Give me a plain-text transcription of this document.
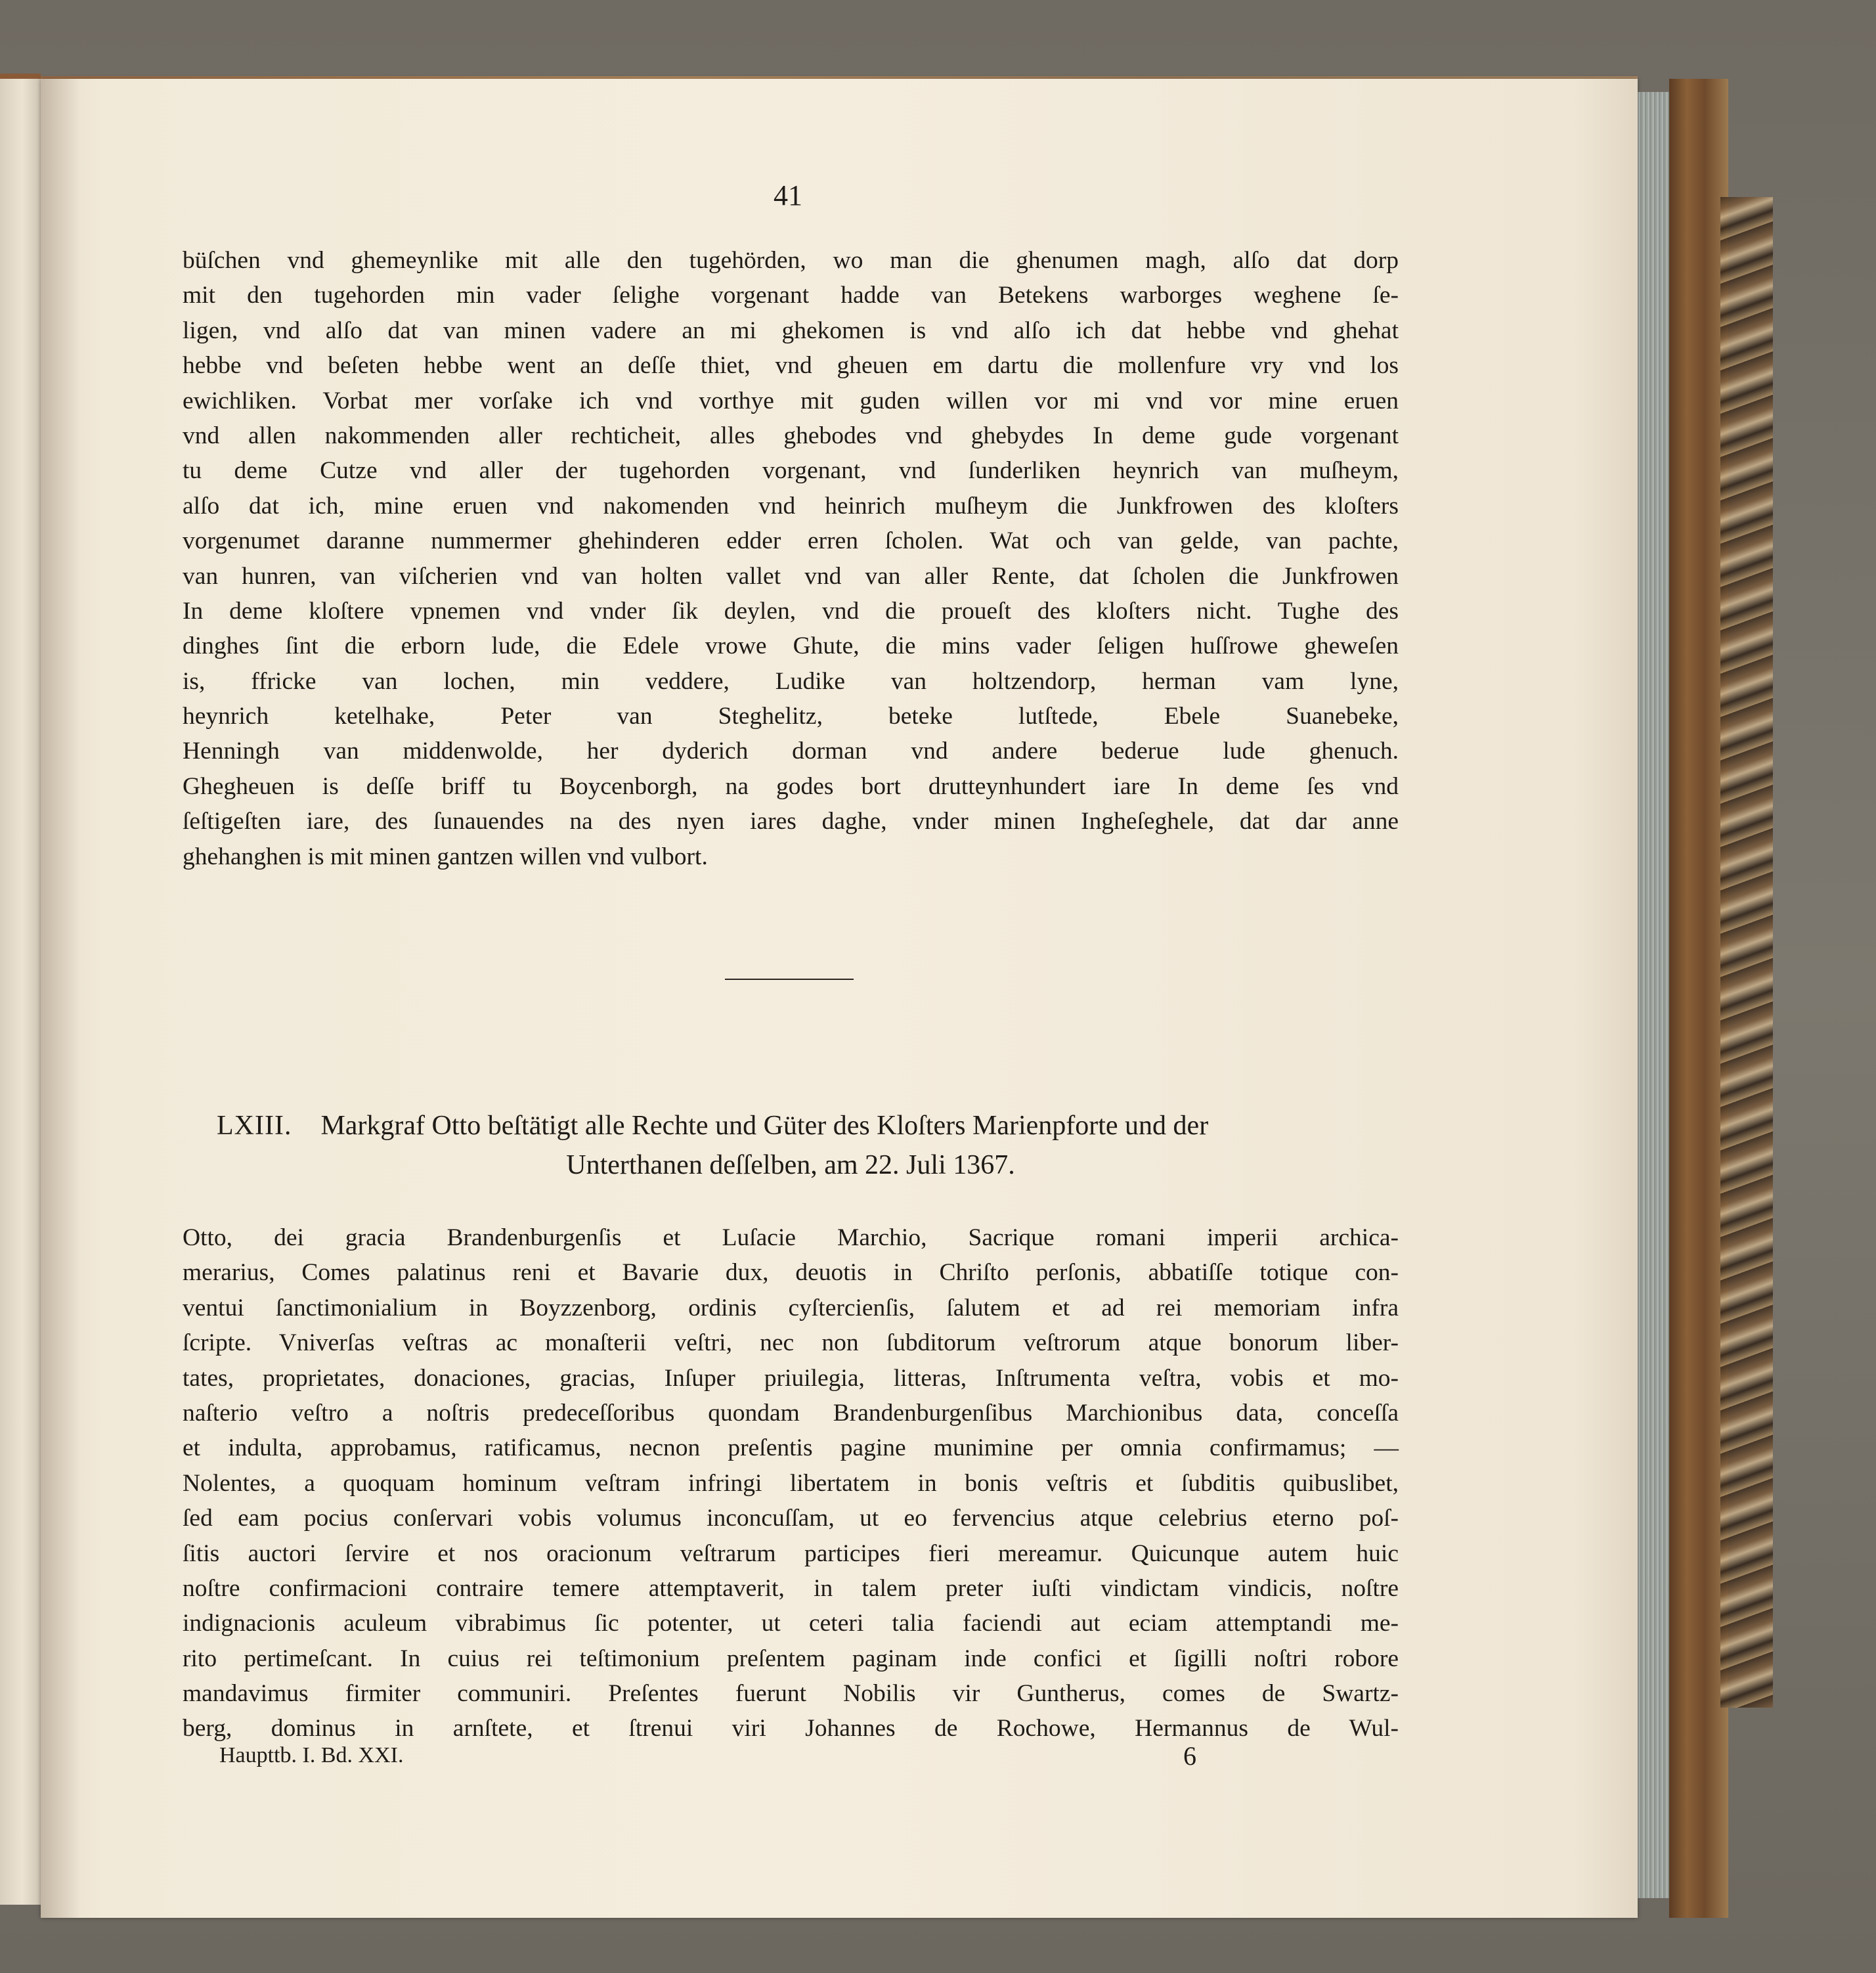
41
büſchen vnd ghemeynlike mit alle den tugehörden, wo man die ghenumen magh, alſo dat dorp
mit den tugehorden min vader ſelighe vorgenant hadde van Betekens warborges weghene ſe-
ligen, vnd alſo dat van minen vadere an mi ghekomen is vnd alſo ich dat hebbe vnd ghehat
hebbe vnd beſeten hebbe went an deſſe thiet, vnd gheuen em dartu die mollenfure vry vnd los
ewichliken. Vorbat mer vorſake ich vnd vorthye mit guden willen vor mi vnd vor mine eruen
vnd allen nakommenden aller rechticheit, alles ghebodes vnd ghebydes In deme gude vorgenant
tu deme Cutze vnd aller der tugehorden vorgenant, vnd ſunderliken heynrich van muſheym,
alſo dat ich, mine eruen vnd nakomenden vnd heinrich muſheym die Junkfrowen des kloſters
vorgenumet daranne nummermer ghehinderen edder erren ſcholen. Wat och van gelde, van pachte,
van hunren, van viſcherien vnd van holten vallet vnd van aller Rente, dat ſcholen die Junkfrowen
In deme kloſtere vpnemen vnd vnder ſik deylen, vnd die proueſt des kloſters nicht. Tughe des
dinghes ſint die erborn lude, die Edele vrowe Ghute, die mins vader ſeligen huſſrowe gheweſen
is, ffricke van lochen, min veddere, Ludike van holtzendorp, herman vam lyne,
heynrich ketelhake, Peter van Steghelitz, beteke lutſtede, Ebele Suanebeke,
Henningh van middenwolde, her dyderich dorman vnd andere bederue lude ghenuch.
Ghegheuen is deſſe briff tu Boycenborgh, na godes bort drutteynhundert iare In deme ſes vnd
ſeſtigeſten iare, des ſunauendes na des nyen iares daghe, vnder minen Ingheſeghele, dat dar anne
ghehanghen is mit minen gantzen willen vnd vulbort.
LXIII. Markgraf Otto beſtätigt alle Rechte und Güter des Kloſters Marienpforte und der
Unterthanen deſſelben, am 22. Juli 1367.
Otto, dei gracia Brandenburgenſis et Luſacie Marchio, Sacrique romani imperii archica-
merarius, Comes palatinus reni et Bavarie dux, deuotis in Chriſto perſonis, abbatiſſe totique con-
ventui ſanctimonialium in Boyzzenborg, ordinis cyſtercienſis, ſalutem et ad rei memoriam infra
ſcripte. Vniverſas veſtras ac monaſterii veſtri, nec non ſubditorum veſtrorum atque bonorum liber-
tates, proprietates, donaciones, gracias, Inſuper priuilegia, litteras, Inſtrumenta veſtra, vobis et mo-
naſterio veſtro a noſtris predeceſſoribus quondam Brandenburgenſibus Marchionibus data, conceſſa
et indulta, approbamus, ratificamus, necnon preſentis pagine munimine per omnia confirmamus; —
Nolentes, a quoquam hominum veſtram infringi libertatem in bonis veſtris et ſubditis quibuslibet,
ſed eam pocius conſervari vobis volumus inconcuſſam, ut eo fervencius atque celebrius eterno poſ-
ſitis auctori ſervire et nos oracionum veſtrarum participes fieri mereamur. Quicunque autem huic
noſtre confirmacioni contraire temere attemptaverit, in talem preter iuſti vindictam vindicis, noſtre
indignacionis aculeum vibrabimus ſic potenter, ut ceteri talia faciendi aut eciam attemptandi me-
rito pertimeſcant. In cuius rei teſtimonium preſentem paginam inde confici et ſigilli noſtri robore
mandavimus firmiter communiri. Preſentes fuerunt Nobilis vir Guntherus, comes de Swartz-
berg, dominus in arnſtete, et ſtrenui viri Johannes de Rochowe, Hermannus de Wul-
Haupttb. I. Bd. XXI.	6
